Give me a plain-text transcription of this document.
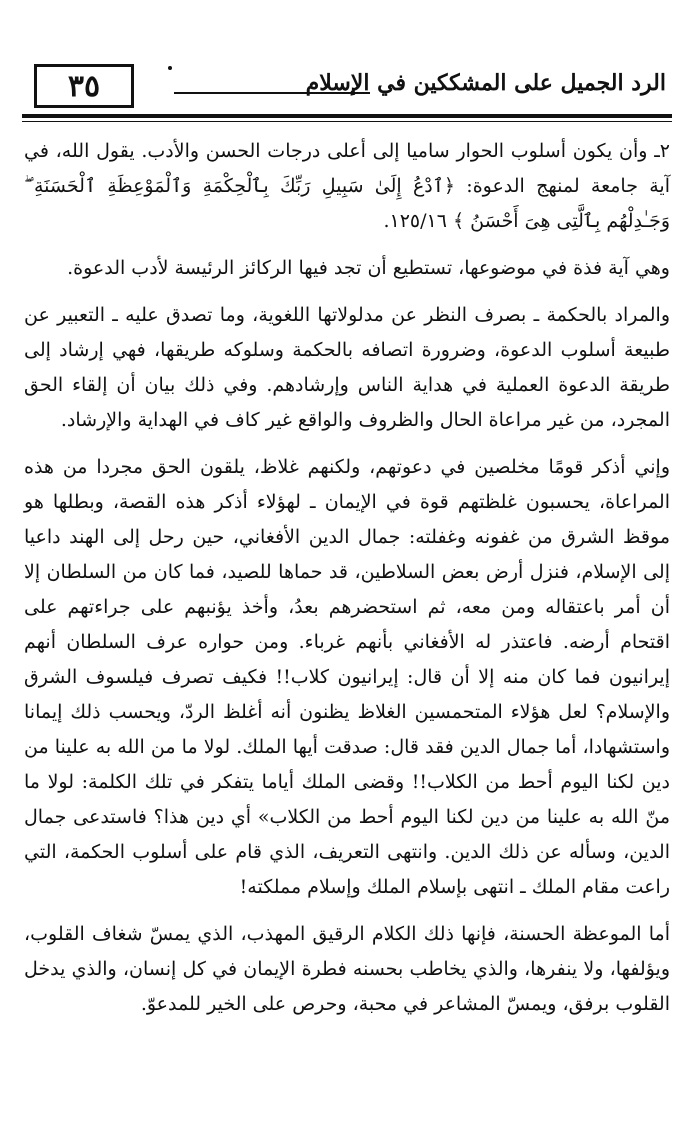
٣٥	الرد الجميل على المشككين في الإسلام

٢ـ وأن يكون أسلوب الحوار ساميا إلى أعلى درجات الحسن والأدب. يقول الله، في آية جامعة لمنهج الدعوة: ﴿ٱدْعُ إِلَىٰ سَبِيلِ رَبِّكَ بِٱلْحِكْمَةِ وَٱلْمَوْعِظَةِ ٱلْحَسَنَةِ ۖ وَجَـٰدِلْهُم بِٱلَّتِى هِىَ أَحْسَنُ ﴾ ١٢٥/١٦.

وهي آية فذة في موضوعها، تستطيع أن تجد فيها الركائز الرئيسة لأدب الدعوة.

والمراد بالحكمة ـ بصرف النظر عن مدلولاتها اللغوية، وما تصدق عليه ـ التعبير عن طبيعة أسلوب الدعوة، وضرورة اتصافه بالحكمة وسلوكه طريقها، فهي إرشاد إلى طريقة الدعوة العملية في هداية الناس وإرشادهم. وفي ذلك بيان أن إلقاء الحق المجرد، من غير مراعاة الحال والظروف والواقع غير كاف في الهداية والإرشاد.

وإني أذكر قومًا مخلصين في دعوتهم، ولكنهم غلاظ، يلقون الحق مجردا من هذه المراعاة، يحسبون غلظتهم قوة في الإيمان ـ لهؤلاء أذكر هذه القصة، وبطلها هو موقظ الشرق من غفونه وغفلته: جمال الدين الأفغاني، حين رحل إلى الهند داعيا إلى الإسلام، فنزل أرض بعض السلاطين، قد حماها للصيد، فما كان من السلطان إلا أن أمر باعتقاله ومن معه، ثم استحضرهم بعدُ، وأخذ يؤنبهم على جراءتهم على اقتحام أرضه. فاعتذر له الأفغاني بأنهم غرباء. ومن حواره عرف السلطان أنهم إيرانيون فما كان منه إلا أن قال: إيرانيون كلاب!! فكيف تصرف فيلسوف الشرق والإسلام؟ لعل هؤلاء المتحمسين الغلاظ يظنون أنه أغلظ الردّ، ويحسب ذلك إيمانا واستشهادا، أما جمال الدين فقد قال: صدقت أيها الملك. لولا ما من الله به علينا من دين لكنا اليوم أحط من الكلاب!! وقضى الملك أياما يتفكر في تلك الكلمة: لولا ما منّ الله به علينا من دين لكنا اليوم أحط من الكلاب» أي دين هذا؟ فاستدعى جمال الدين، وسأله عن ذلك الدين. وانتهى التعريف، الذي قام على أسلوب الحكمة، التي راعت مقام الملك ـ انتهى بإسلام الملك وإسلام مملكته!

أما الموعظة الحسنة، فإنها ذلك الكلام الرقيق المهذب، الذي يمسّ شغاف القلوب، ويؤلفها، ولا ينفرها، والذي يخاطب بحسنه فطرة الإيمان في كل إنسان، والذي يدخل القلوب برفق، ويمسّ المشاعر في محبة، وحرص على الخير للمدعوّ.
